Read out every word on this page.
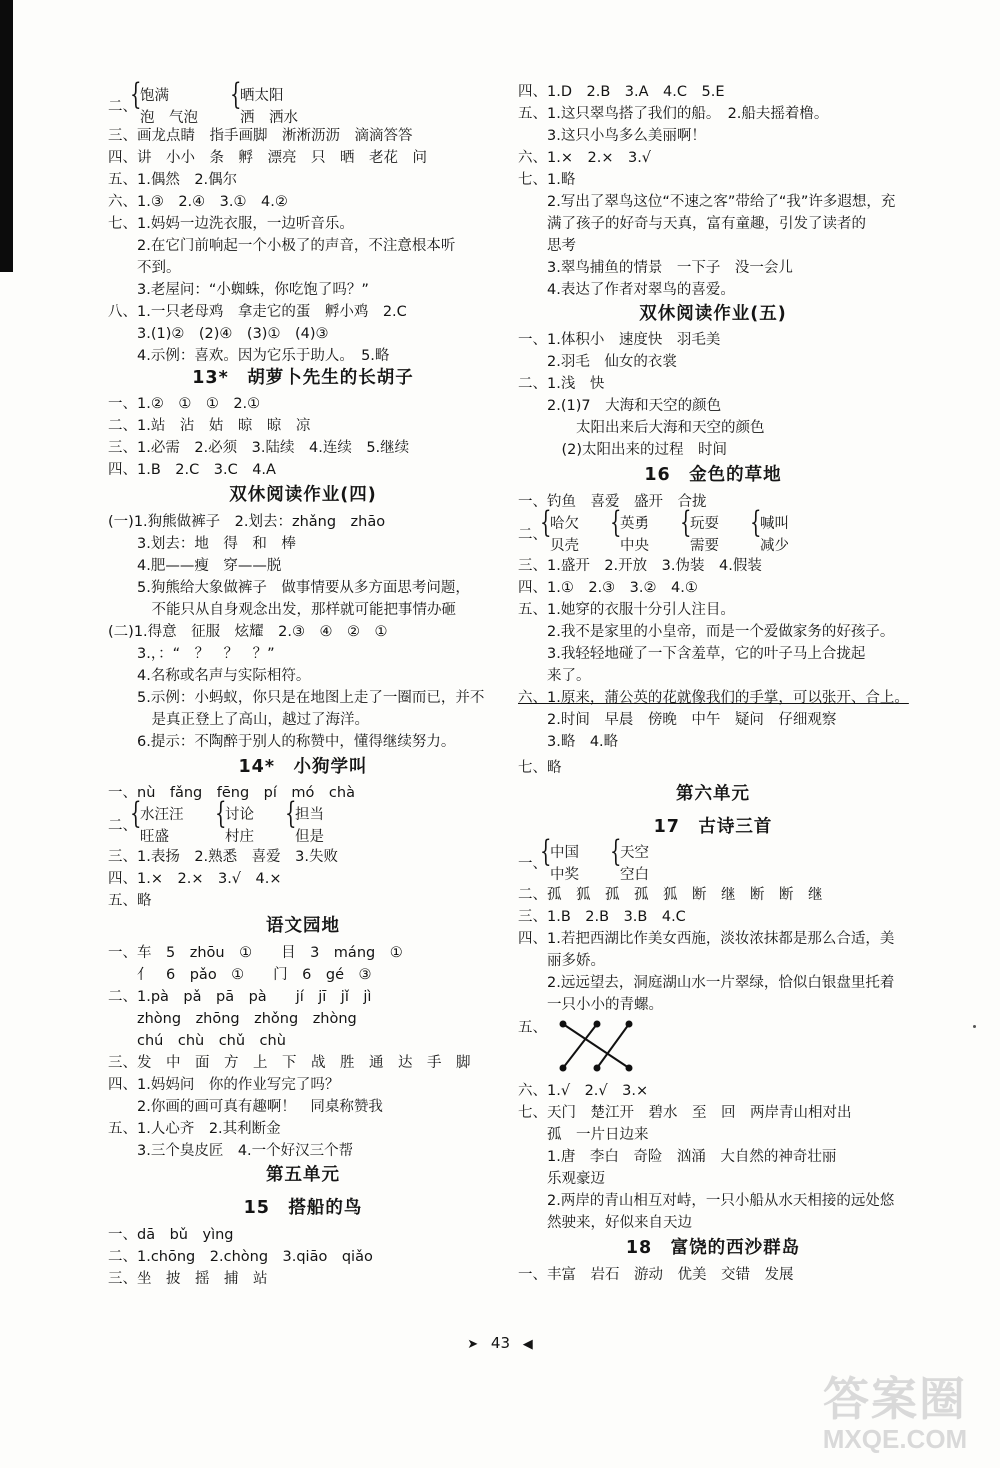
二、
{
饱满
泡　气泡
{
晒太阳
洒　洒水
三、画龙点睛　指手画脚　淅淅沥沥　滴滴答答
四、讲　小小　条　孵　漂亮　只　晒　老花　问
五、1.偶然　2.偶尔
六、1.③　2.④　3.①　4.②
七、1.妈妈一边洗衣服，一边听音乐。
　　2.在它门前响起一个小极了的声音，不注意根本听
　　不到。
　　3.老屋问：“小蜘蛛，你吃饱了吗？”
八、1.一只老母鸡　拿走它的蛋　孵小鸡　2.C
　　3.(1)②　(2)④　(3)①　(4)③
　　4.示例：喜欢。因为它乐于助人。　5.略
13*　胡萝卜先生的长胡子
一、1.②　①　①　2.①
二、1.站　沾　姑　晾　晾　凉
三、1.必需　2.必须　3.陆续　4.连续　5.继续
四、1.B　2.C　3.C　4.A
双休阅读作业(四)
(一)1.狗熊做裤子　2.划去：zhǎng　zhāo
　　3.划去：地　得　和　棒
　　4.肥——瘦　穿——脱
　　5.狗熊给大象做裤子　做事情要从多方面思考问题，
　　　不能只从自身观念出发，那样就可能把事情办砸
(二)1.得意　征服　炫耀　2.③　④　②　①
　　3.，：“　？　？　？”
　　4.名称或名声与实际相符。
　　5.示例：小蚂蚁，你只是在地图上走了一圈而已，并不
　　　是真正登上了高山，越过了海洋。
　　6.提示：不陶醉于别人的称赞中，懂得继续努力。
14*　小狗学叫
一、nù　fǎng　fēng　pí　mó　chà
二、
{
水汪汪
旺盛
{
讨论
村庄
{
担当
但是
三、1.表扬　2.熟悉　喜爱　3.失败
四、1.×　2.×　3.√　4.×
五、略
语文园地
一、车　5　zhōu　①　　目　3　máng　①
　　亻　6　pǎo　①　　门　6　gé　③
二、1.pà　pǎ　pā　pà　　jí　jī　jǐ　jì
　　zhòng　zhōng　zhǒng　zhòng
　　chú　chù　chǔ　chù
三、发　中　面　方　上　下　战　胜　通　达　手　脚
四、1.妈妈问　你的作业写完了吗？
　　2.你画的画可真有趣啊！　同桌称赞我
五、1.人心齐　2.其利断金
　　3.三个臭皮匠　4.一个好汉三个帮
第五单元
15　搭船的鸟
一、dā　bǔ　yìng
二、1.chōng　2.chòng　3.qiāo　qiǎo
三、坐　披　摇　捕　站
四、1.D　2.B　3.A　4.C　5.E
五、1.这只翠鸟搭了我们的船。　2.船夫摇着橹。
　　3.这只小鸟多么美丽啊！
六、1.×　2.×　3.√
七、1.略
　　2.写出了翠鸟这位“不速之客”带给了“我”许多遐想，充
　　满了孩子的好奇与天真，富有童趣，引发了读者的
　　思考
　　3.翠鸟捕鱼的情景　一下子　没一会儿
　　4.表达了作者对翠鸟的喜爱。
双休阅读作业(五)
一、1.体积小　速度快　羽毛美
　　2.羽毛　仙女的衣裳
二、1.浅　快
　　2.(1)7　大海和天空的颜色
　　　　太阳出来后大海和天空的颜色
　　　(2)太阳出来的过程　时间
16　金色的草地
一、钓鱼　喜爱　盛开　合拢
二、
{
哈欠
贝壳
{
英勇
中央
{
玩耍
需要
{
喊叫
减少
三、1.盛开　2.开放　3.伪装　4.假装
四、1.①　2.③　3.②　4.①
五、1.她穿的衣服十分引人注目。
　　2.我不是家里的小皇帝，而是一个爱做家务的好孩子。
　　3.我轻轻地碰了一下含羞草，它的叶子马上合拢起
　　来了。
六、1.原来，蒲公英的花就像我们的手掌，可以张开、合上。
　　2.时间　早晨　傍晚　中午　疑问　仔细观察
　　3.略　4.略
七、略
第六单元
17　古诗三首
一、
{
中国
中奖
{
天空
空白
二、孤　狐　孤　孤　狐　断　继　断　断　继
三、1.B　2.B　3.B　4.C
四、1.若把西湖比作美女西施，淡妆浓抹都是那么合适，美
　　丽多娇。
　　2.远远望去，洞庭湖山水一片翠绿，恰似白银盘里托着
　　一只小小的青螺。
五、
六、1.√　2.√　3.×
七、天门　楚江开　碧水　至　回　两岸青山相对出
　　孤　一片日边来
　　1.唐　李白　奇险　汹涌　大自然的神奇壮丽
　　乐观豪迈
　　2.两岸的青山相互对峙，一只小船从水天相接的远处悠
　　然驶来，好似来自天边
18　富饶的西沙群岛
一、丰富　岩石　游动　优美　交错　发展
➤ 43 ◀
答案圈
MXQE.COM
